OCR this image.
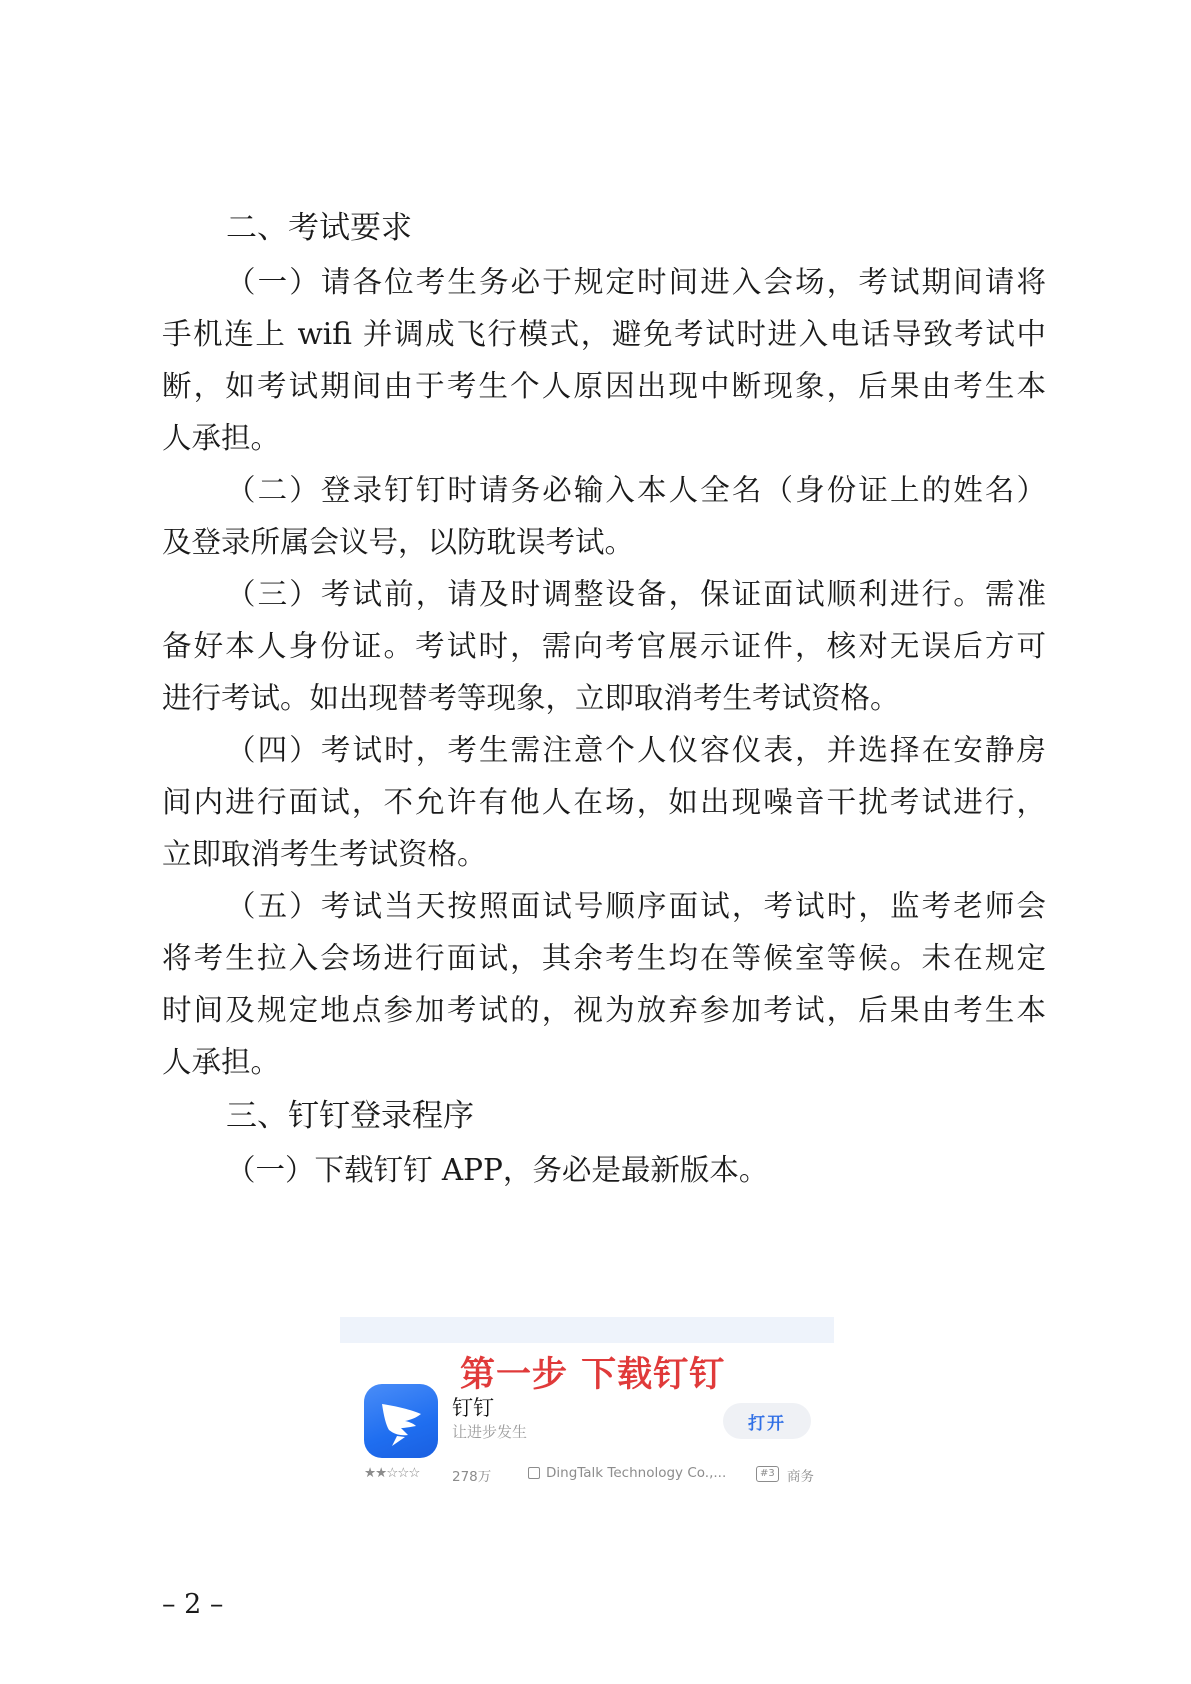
二、考试要求
（一）请各位考生务必于规定时间进入会场，考试期间请将
手机连上 wifi 并调成飞行模式，避免考试时进入电话导致考试中
断，如考试期间由于考生个人原因出现中断现象，后果由考生本
人承担。
（二）登录钉钉时请务必输入本人全名（身份证上的姓名）
及登录所属会议号，以防耽误考试。
（三）考试前，请及时调整设备，保证面试顺利进行。需准
备好本人身份证。考试时，需向考官展示证件，核对无误后方可
进行考试。如出现替考等现象，立即取消考生考试资格。
（四）考试时，考生需注意个人仪容仪表，并选择在安静房
间内进行面试，不允许有他人在场，如出现噪音干扰考试进行，
立即取消考生考试资格。
（五）考试当天按照面试号顺序面试，考试时，监考老师会
将考生拉入会场进行面试，其余考生均在等候室等候。未在规定
时间及规定地点参加考试的，视为放弃参加考试，后果由考生本
人承担。
三、钉钉登录程序
（一）下载钉钉 APP，务必是最新版本。
第一步 下载钉钉
钉钉
让进步发生	打开
★★☆☆☆ 278万	DingTalk Technology Co.,...	#3 商务
– 2 –
